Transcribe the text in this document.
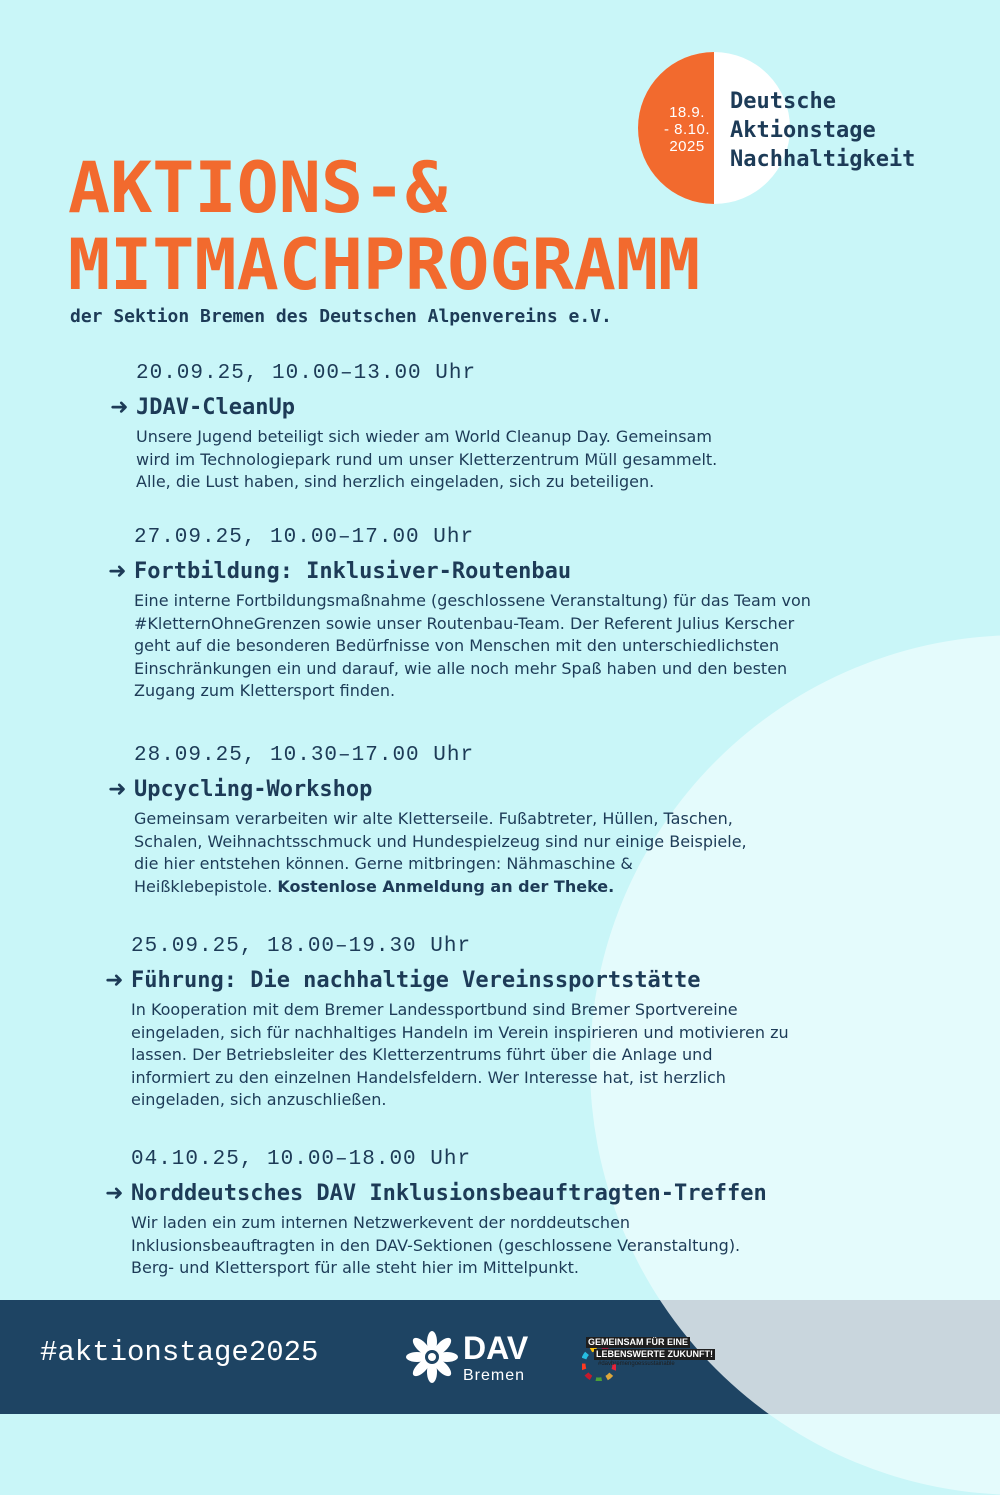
18.9.
- 8.10.
2025
Deutsche
Aktionstage
Nachhaltigkeit
AKTIONS-&
MITMACHPROGRAMM
der Sektion Bremen des Deutschen Alpenvereins e.V.
20.09.25, 10.00–13.00 Uhr
➜ JDAV-CleanUp
Unsere Jugend beteiligt sich wieder am World Cleanup Day. Gemeinsam
wird im Technologiepark rund um unser Kletterzentrum Müll gesammelt.
Alle, die Lust haben, sind herzlich eingeladen, sich zu beteiligen.
27.09.25, 10.00–17.00 Uhr
➜ Fortbildung: Inklusiver-Routenbau
Eine interne Fortbildungsmaßnahme (geschlossene Veranstaltung) für das Team von
#KletternOhneGrenzen sowie unser Routenbau-Team. Der Referent Julius Kerscher
geht auf die besonderen Bedürfnisse von Menschen mit den unterschiedlichsten
Einschränkungen ein und darauf, wie alle noch mehr Spaß haben und den besten
Zugang zum Klettersport finden.
28.09.25, 10.30–17.00 Uhr
➜ Upcycling-Workshop
Gemeinsam verarbeiten wir alte Kletterseile. Fußabtreter, Hüllen, Taschen,
Schalen, Weihnachtsschmuck und Hundespielzeug sind nur einige Beispiele,
die hier entstehen können. Gerne mitbringen: Nähmaschine &
Heißklebepistole. Kostenlose Anmeldung an der Theke.
25.09.25, 18.00–19.30 Uhr
➜ Führung: Die nachhaltige Vereinssportstätte
In Kooperation mit dem Bremer Landessportbund sind Bremer Sportvereine
eingeladen, sich für nachhaltiges Handeln im Verein inspirieren und motivieren zu
lassen. Der Betriebsleiter des Kletterzentrums führt über die Anlage und
informiert zu den einzelnen Handelsfeldern. Wer Interesse hat, ist herzlich
eingeladen, sich anzuschließen.
04.10.25, 10.00–18.00 Uhr
➜ Norddeutsches DAV Inklusionsbeauftragten-Treffen
Wir laden ein zum internen Netzwerkevent der norddeutschen
Inklusionsbeauftragten in den DAV-Sektionen (geschlossene Veranstaltung).
Berg- und Klettersport für alle steht hier im Mittelpunkt.
#aktionstage2025	DAV
Bremen
GEMEINSAM FÜR EINE
LEBENSWERTE ZUKUNFT!
#davbremengoessustainable
